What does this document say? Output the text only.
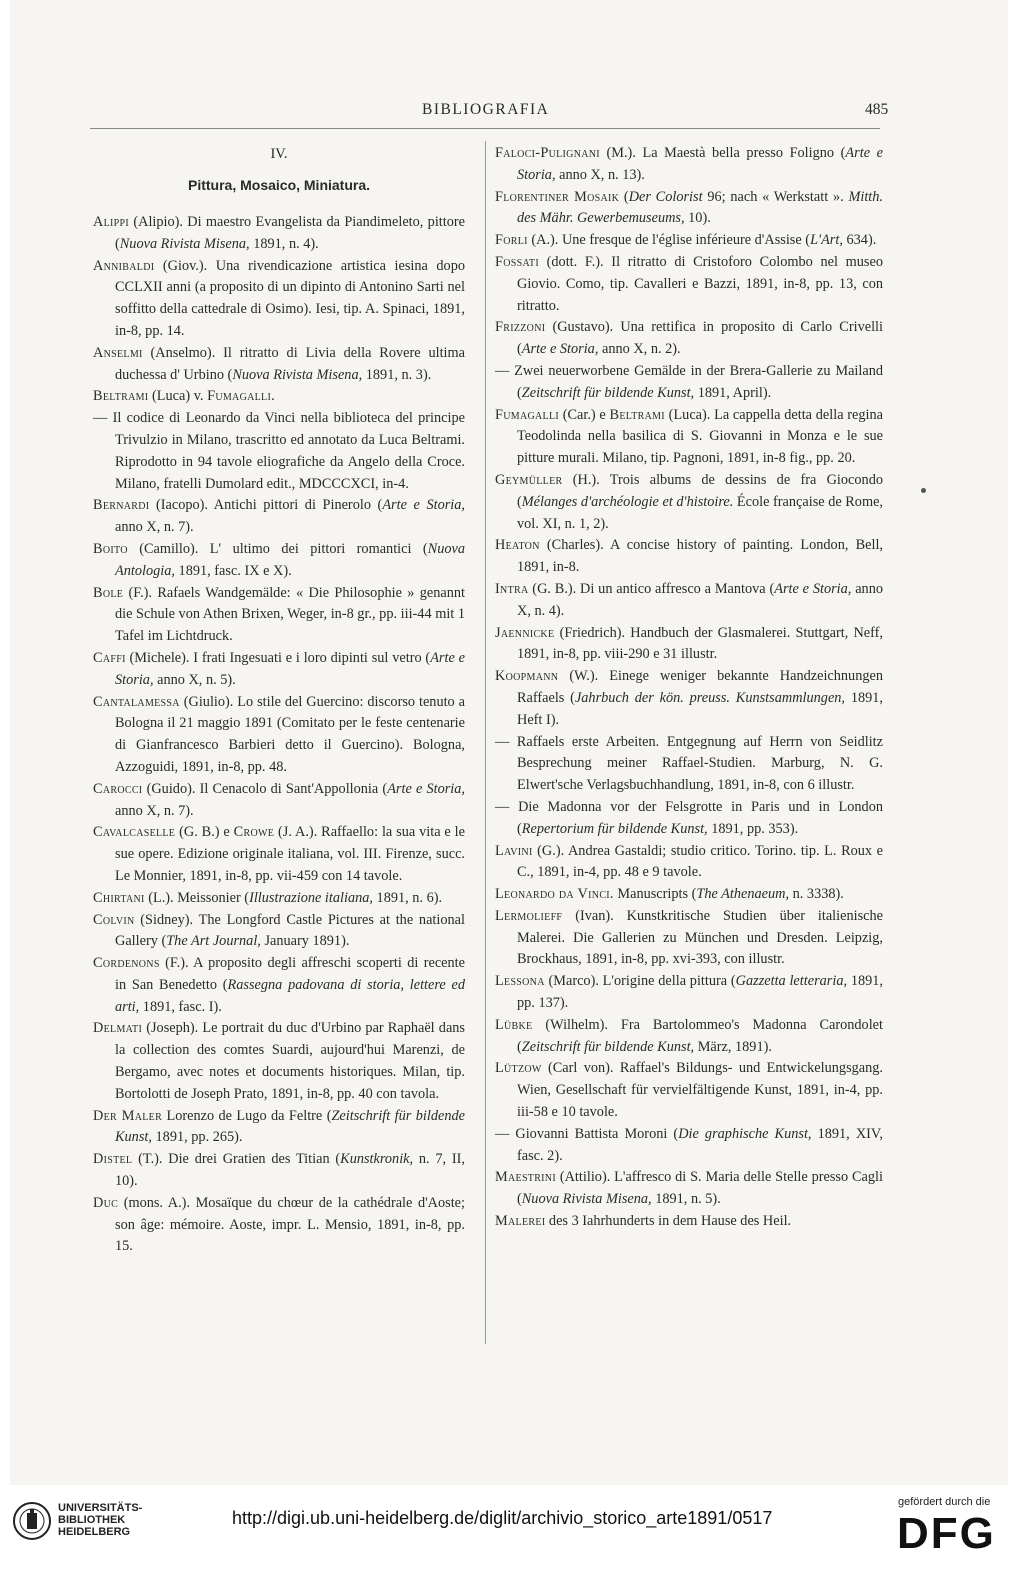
BIBLIOGRAFIA	485
IV.
Pittura, Mosaico, Miniatura.

Alippi (Alipio). Di maestro Evangelista da Piandimeleto, pittore (Nuova Rivista Misena, 1891, n. 4).

Annibaldi (Giov.). Una rivendicazione artistica iesina dopo CCLXII anni (a proposito di un dipinto di Antonino Sarti nel soffitto della cattedrale di Osimo). Iesi, tip. A. Spinaci, 1891, in-8, pp. 14.

Anselmi (Anselmo). Il ritratto di Livia della Rovere ultima duchessa d' Urbino (Nuova Rivista Misena, 1891, n. 3).

Beltrami (Luca) v. Fumagalli.

— Il codice di Leonardo da Vinci nella biblioteca del principe Trivulzio in Milano, trascritto ed annotato da Luca Beltrami. Riprodotto in 94 tavole eliografiche da Angelo della Croce. Milano, fratelli Dumolard edit., MDCCCXCI, in-4.

Bernardi (Iacopo). Antichi pittori di Pinerolo (Arte e Storia, anno X, n. 7).

Boito (Camillo). L' ultimo dei pittori romantici (Nuova Antologia, 1891, fasc. IX e X).

Bole (F.). Rafaels Wandgemälde: « Die Philosophie » genannt die Schule von Athen Brixen, Weger, in-8 gr., pp. iii-44 mit 1 Tafel im Lichtdruck.

Caffi (Michele). I frati Ingesuati e i loro dipinti sul vetro (Arte e Storia, anno X, n. 5).

Cantalamessa (Giulio). Lo stile del Guercino: discorso tenuto a Bologna il 21 maggio 1891 (Comitato per le feste centenarie di Gianfrancesco Barbieri detto il Guercino). Bologna, Azzoguidi, 1891, in-8, pp. 48.

Carocci (Guido). Il Cenacolo di Sant'Appollonia (Arte e Storia, anno X, n. 7).

Cavalcaselle (G. B.) e Crowe (J. A.). Raffaello: la sua vita e le sue opere. Edizione originale italiana, vol. III. Firenze, succ. Le Monnier, 1891, in-8, pp. vii-459 con 14 tavole.

Chirtani (L.). Meissonier (Illustrazione italiana, 1891, n. 6).

Colvin (Sidney). The Longford Castle Pictures at the national Gallery (The Art Journal, January 1891).

Cordenons (F.). A proposito degli affreschi scoperti di recente in San Benedetto (Rassegna padovana di storia, lettere ed arti, 1891, fasc. I).

Delmati (Joseph). Le portrait du duc d'Urbino par Raphaël dans la collection des comtes Suardi, aujourd'hui Marenzi, de Bergamo, avec notes et documents historiques. Milan, tip. Bortolotti de Joseph Prato, 1891, in-8, pp. 40 con tavola.

Der Maler Lorenzo de Lugo da Feltre (Zeitschrift für bildende Kunst, 1891, pp. 265).

Distel (T.). Die drei Gratien des Titian (Kunstkronik, n. 7, II, 10).

Duc (mons. A.). Mosaïque du chœur de la cathédrale d'Aoste; son âge: mémoire. Aoste, impr. L. Mensio, 1891, in-8, pp. 15.

Faloci-Pulignani (M.). La Maestà bella presso Foligno (Arte e Storia, anno X, n. 13).

Florentiner Mosaik (Der Colorist 96; nach « Werkstatt ». Mitth. des Mähr. Gewerbemuseums, 10).

Forli (A.). Une fresque de l'église inférieure d'Assise (L'Art, 634).

Fossati (dott. F.). Il ritratto di Cristoforo Colombo nel museo Giovio. Como, tip. Cavalleri e Bazzi, 1891, in-8, pp. 13, con ritratto.

Frizzoni (Gustavo). Una rettifica in proposito di Carlo Crivelli (Arte e Storia, anno X, n. 2).

— Zwei neuerworbene Gemälde in der Brera-Gallerie zu Mailand (Zeitschrift für bildende Kunst, 1891, April).

Fumagalli (Car.) e Beltrami (Luca). La cappella detta della regina Teodolinda nella basilica di S. Giovanni in Monza e le sue pitture murali. Milano, tip. Pagnoni, 1891, in-8 fig., pp. 20.

Geymüller (H.). Trois albums de dessins de fra Giocondo (Mélanges d'archéologie et d'histoire. École française de Rome, vol. XI, n. 1, 2).

Heaton (Charles). A concise history of painting. London, Bell, 1891, in-8.

Intra (G. B.). Di un antico affresco a Mantova (Arte e Storia, anno X, n. 4).

Jaennicke (Friedrich). Handbuch der Glasmalerei. Stuttgart, Neff, 1891, in-8, pp. viii-290 e 31 illustr.

Koopmann (W.). Einege weniger bekannte Handzeichnungen Raffaels (Jahrbuch der kön. preuss. Kunstsammlungen, 1891, Heft I).

— Raffaels erste Arbeiten. Entgegnung auf Herrn von Seidlitz Besprechung meiner Raffael-Studien. Marburg, N. G. Elwert'sche Verlagsbuchhandlung, 1891, in-8, con 6 illustr.

— Die Madonna vor der Felsgrotte in Paris und in London (Repertorium für bildende Kunst, 1891, pp. 353).

Lavini (G.). Andrea Gastaldi; studio critico. Torino. tip. L. Roux e C., 1891, in-4, pp. 48 e 9 tavole.

Leonardo da Vinci. Manuscripts (The Athenaeum, n. 3338).

Lermolieff (Ivan). Kunstkritische Studien über italienische Malerei. Die Gallerien zu München und Dresden. Leipzig, Brockhaus, 1891, in-8, pp. xvi-393, con illustr.

Lessona (Marco). L'origine della pittura (Gazzetta letteraria, 1891, pp. 137).

Lübke (Wilhelm). Fra Bartolommeo's Madonna Carondolet (Zeitschrift für bildende Kunst, März, 1891).

Lützow (Carl von). Raffael's Bildungs- und Entwickelungsgang. Wien, Gesellschaft für vervielfältigende Kunst, 1891, in-4, pp. iii-58 e 10 tavole.

— Giovanni Battista Moroni (Die graphische Kunst, 1891, XIV, fasc. 2).

Maestrini (Attilio). L'affresco di S. Maria delle Stelle presso Cagli (Nuova Rivista Misena, 1891, n. 5).

Malerei des 3 Iahrhunderts in dem Hause des Heil.

UNIVERSITÄTS-
BIBLIOTHEK
HEIDELBERG
http://digi.ub.uni-heidelberg.de/diglit/archivio_storico_arte1891/0517
gefördert durch die
DFG
